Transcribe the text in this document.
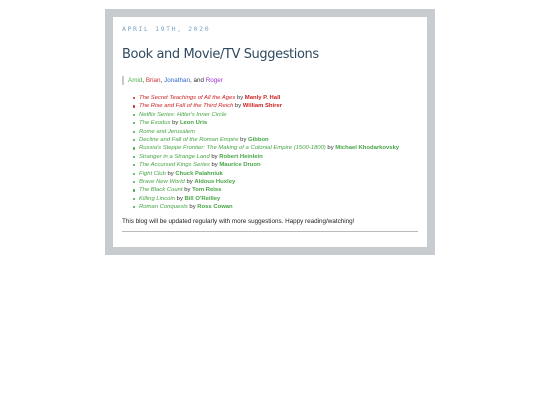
APRIL 19TH, 2020
Book and Movie/TV Suggestions
Amid, Brian, Jonathan, and Roger
The Secret Teachings of All the Ages by Manly P. Hall
The Rise and Fall of the Third Reich by William Shirer
Netflix Series: Hitler's Inner Circle
The Exodus by Leon Uris
Rome and Jerusalem
Decline and Fall of the Roman Empire by Gibbon
Russia's Steppe Frontier: The Making of a Colonial Empire (1500-1800) by Michael Khodarkovsky
Stranger in a Strange Land by Robert Heinlein
The Accursed Kings Series by Maurice Druon
Fight Club by Chuck Palahniuk
Brave New World by Aldous Huxley
The Black Count by Tom Reiss
Killing Lincoln by Bill O'Reilley
Roman Conquests by Ross Cowan

This blog will be updated regularly with more suggestions. Happy reading/watching!
